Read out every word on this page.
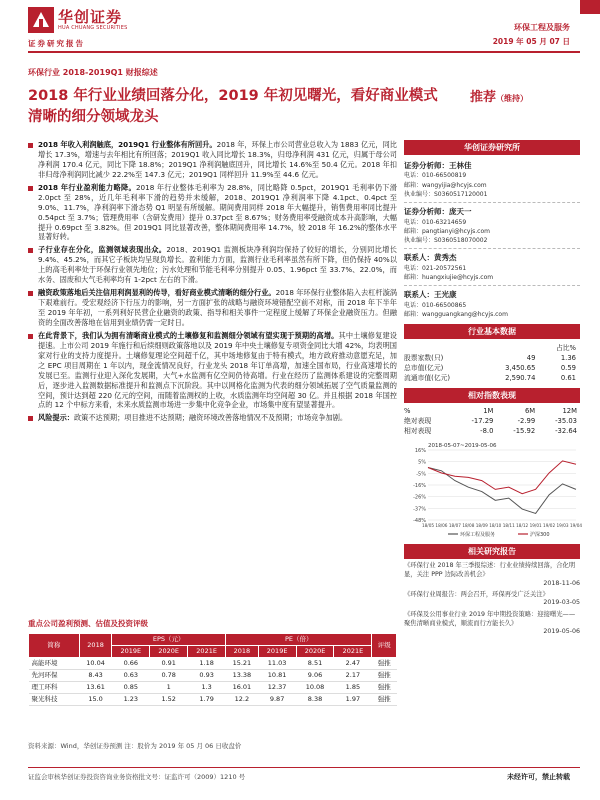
华创证券
HUA CHUANG SECURITIES
证券研究报告
环保工程及服务
2019 年 05 月 07 日
环保行业 2018-2019Q1 财报综述
2018 年行业业绩回落分化，2019 年初见曙光，看好商业模式清晰的细分领域龙头
推荐（维持）
2018 年收入利润触底，2019Q1 行业整体有所回升。2018 年，环保上市公司营业总收入为 1883 亿元，同比增长 17.3%，增速与去年相比有所回落；2019Q1 收入同比增长 18.3%，归母净利润 431 亿元，归属于母公司净利润 170.4 亿元，同比下降 18.8%；2019Q1 净利润触底回升，同比增长 14.6%至 50.4 亿元。2018 年扣非归母净利润同比减少 22.2%至 147.3 亿元；2019Q1 同样回升 11.9%至 44.6 亿元。
2018 年行业盈利能力略降。2018 年行业整体毛利率为 28.8%，同比略降 0.5pct，2019Q1 毛利率仍下滑 2.0pct 至 28%，近几年毛利率下滑的趋势并未缓解，2018、2019Q1 净利润率下降 4.1pct、0.4pct 至 9.0%、11.7%，净利润率下滑态势 Q1 明显有所缓解。期间费用同样 2018 年大幅提升，销售费用率同比提升 0.54pct 至 3.7%；管理费用率（含研发费用）提升 0.37pct 至 8.67%；财务费用率受融资成本升高影响，大幅提升 0.69pct 至 3.82%。但 2019Q1 同比显著改善，整体期间费用率 14.7%，较 2018 年 16.2%的整体水平显著好转。
子行业存在分化，监测领域表现出众。2018、2019Q1 监测板块净利润均保持了较好的增长，分别同比增长 9.4%、45.2%，而其它子板块均呈现负增长。盈利能力方面，监测行业毛利率虽然有所下降，但仍保持 40%以上的高毛利率处于环保行业领先地位；污水处理和节能毛利率分别提升 0.05、1.96pct 至 33.7%、22.0%，而水务、固废和大气毛利率均有 1-2pct 左右的下滑。
融资政策落地后关注信用利润显利的传导，看好商业模式清晰的细分行业。2018 年环保行业整体陷入去杠杆漩涡下艰难前行。受宏观经济下行压力的影响，另一方面扩张的战略与融资环境错配空前不对称，而 2018 年下半年至 2019 年年初，一系列利好民营企业融资的政策、指导和相关事件一定程度上缓解了环保企业融资压力。但融资的全面改善落地在信用到业绩仍需一定时日。
在此背景下，我们认为拥有清晰商业模式的土壤修复和监测细分领域有望实现于预期的高增。其中土壤修复建设提速。上市公司 2019 年施行和后续细则政策落地以及 2019 年中央土壤修复专项资金同比大增 42%，均表明国家对行业的支持力度提升。土壤修复理论空间超千亿，其中场地修复由于特有模式，地方政府推动意愿充足，加之 EPC 项目周期在 1 年以内，现金流情况良好，行业龙头 2018 年订单高增，加速全国布局，行业高速增长的发展已至。监测行业迎入深化发展期，大气+水监测有亿空间仍待高增。行业在经历了监测体系建设的完整周期后，逐步进入监测数据标准提升和监测点下沉阶段。其中以网格化监测为代表的细分领域拓展了空气质量监测的空间，预计达到超 220 亿元的空间，而随着监测权的上收，水质监测年均空间超 30 亿。并且根据 2018 年国控点的 12 个中标方来看，未来水质监测市场进一步集中化竞争企业，市场集中度有望显著提升。
风险提示：政策不达预期；项目推进不达预期；融资环境改善落地情况不及预期；市场竞争加剧。
重点公司盈利预测、估值及投资评级
简称	2018	EPS（元）			PE（倍）				评级
		2019E	2020E	2021E	2018	2019E	2020E	2021E	
高能环境	10.04	0.66	0.91	1.18	15.21	11.03	8.51	2.47	强推
先河环保	8.43	0.63	0.78	0.93	13.38	10.81	9.06	2.17	强推
理工环科	13.61	0.85	1	1.3	16.01	12.37	10.08	1.85	强推
聚光科技	15.0	1.23	1.52	1.79	12.2	9.87	8.38	1.97	强推
资料来源：Wind，华创证券预测 注：股价为 2019 年 05 月 06 日收盘价
华创证券研究所
证券分析师：王林佳
电话：010-66500819
邮箱：wangyijia@hcyjs.com
执业编号：S0360517120001
证券分析师：庞天一
电话：010-63214659
邮箱：pangtianyi@hcyjs.com
执业编号：S0360518070002
联系人：黄秀杰
电话：021-20572561
邮箱：huangxiujie@hcyjs.com
联系人：王光康
电话：010-66500865
邮箱：wangguangkang@hcyjs.com
行业基本数据
		占比%
股票家数(只)	49	1.36
总市值(亿元)	3,450.65	0.59
流通市值(亿元)	2,590.74	0.61
相对指数表现
%	1M	6M	12M
绝对表现	-17.29	-2.99	-35.03
相对表现	-8.0	-15.92	-32.64
2018-05-07~2019-05-06
16%
5%
-5%
-16%
-26%
-37%
-48%
18/05 18/06 18/07 18/08 18/09 18/10 18/11 18/12 19/01 19/02 19/03 19/04
环保工程及服务	沪深300
相关研究报告
《环保行业 2018 年三季报综述：行业业绩持续回落，合化明显，关注 PPP 边际改善机会》
2018-11-06
《环保行业周报告：两会召开，环保再受广泛关注》
2019-03-05
《环保及公用事业行业 2019 年中期投资策略：迎接曙光——聚焦清晰商业模式，顺流而行方能长久》
2019-05-06
证监会审核华创证券投资咨询业务资格批文号：证监许可（2009）1210 号	未经许可，禁止转载
